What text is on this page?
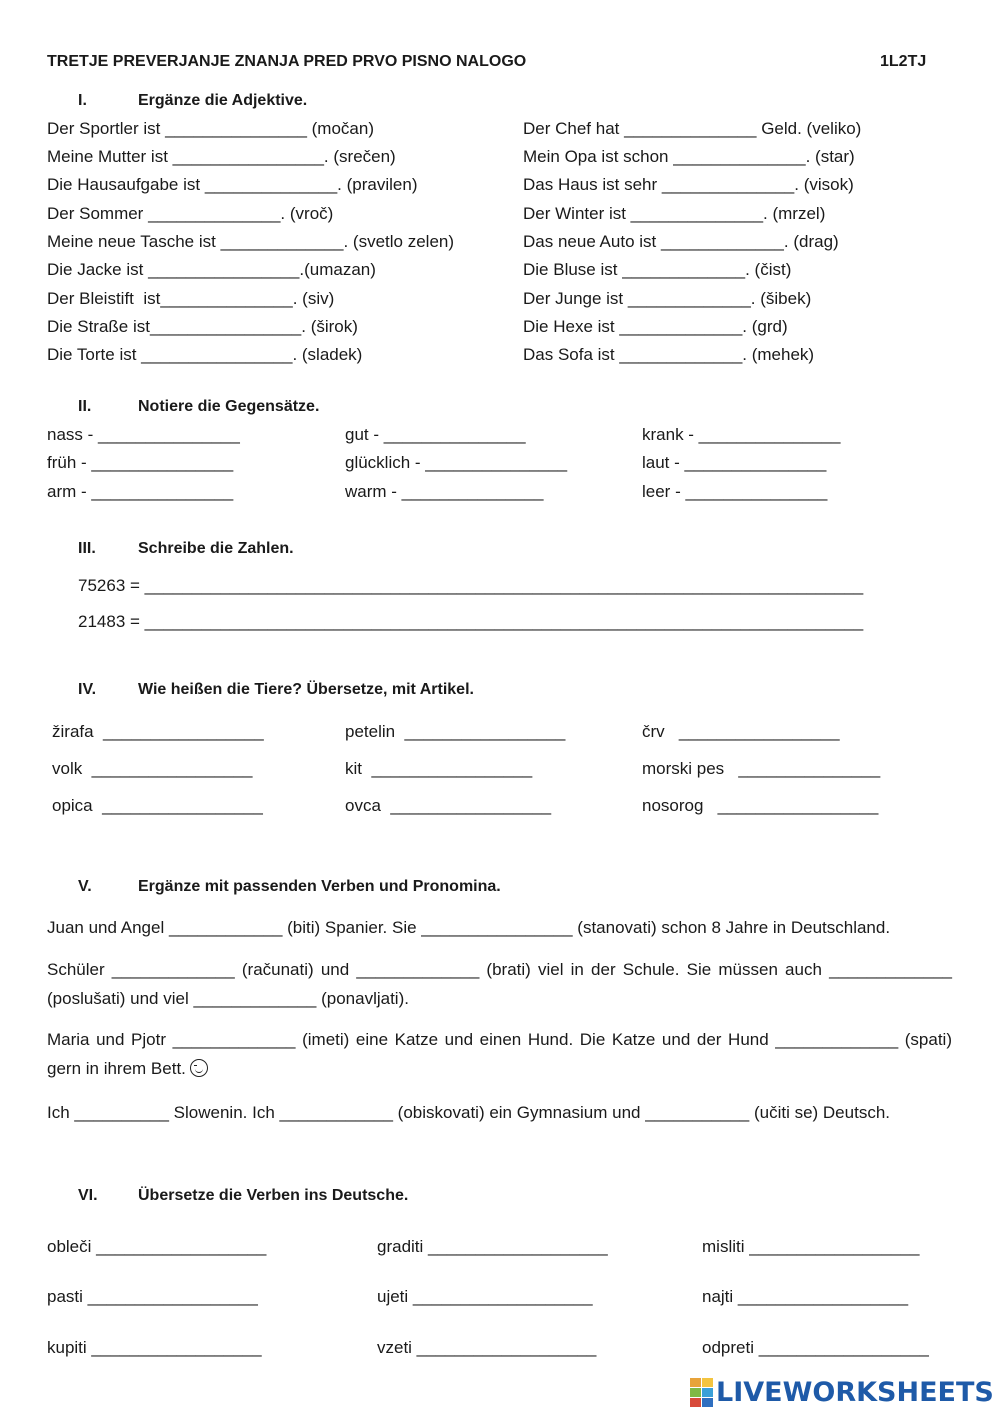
TRETJE PREVERJANJE ZNANJA PRED PRVO PISNO NALOGO	1L2TJ
I.	Ergänze die Adjektive.
Der Sportler ist _______________ (močan)
Meine Mutter ist ________________. (srečen)
Die Hausaufgabe ist ______________. (pravilen)
Der Sommer ______________. (vroč)
Meine neue Tasche ist _____________. (svetlo zelen)
Die Jacke ist ________________.(umazan)
Der Bleistift  ist______________. (siv)
Die Straße ist________________. (širok)
Die Torte ist ________________. (sladek)
Der Chef hat ______________ Geld. (veliko)
Mein Opa ist schon ______________. (star)
Das Haus ist sehr ______________. (visok)
Der Winter ist ______________. (mrzel)
Das neue Auto ist _____________. (drag)
Die Bluse ist _____________. (čist)
Der Junge ist _____________. (šibek)
Die Hexe ist _____________. (grd)
Das Sofa ist _____________. (mehek)
II.	Notiere die Gegensätze.
nass - _______________
früh - _______________
arm - _______________
gut - _______________
glücklich - _______________
warm - _______________
krank - _______________
laut - _______________
leer - _______________
III.	Schreibe die Zahlen.
75263 = ____________________________________________________________________________
21483 = ____________________________________________________________________________
IV.	Wie heißen die Tiere? Übersetze, mit Artikel.
žirafa  _________________
volk  _________________
opica  _________________
petelin  _________________
kit  _________________
ovca  _________________
črv   _________________
morski pes   _______________
nosorog   _________________
V.	Ergänze mit passenden Verben und Pronomina.
Juan und Angel ____________ (biti) Spanier. Sie ________________ (stanovati) schon 8 Jahre in Deutschland.
Schüler _____________ (računati) und _____________ (brati) viel in der Schule. Sie müssen auch _____________ (poslušati) und viel _____________ (ponavljati).
Maria und Pjotr _____________ (imeti) eine Katze und einen Hund. Die Katze und der Hund _____________ (spati) gern in ihrem Bett.
Ich __________ Slowenin. Ich ____________ (obiskovati) ein Gymnasium und ___________ (učiti se) Deutsch.
VI.	Übersetze die Verben ins Deutsche.
obleči __________________
pasti __________________
kupiti __________________
graditi ___________________
ujeti ___________________
vzeti ___________________
misliti __________________
najti __________________
odpreti __________________
LIVEWORKSHEETS
